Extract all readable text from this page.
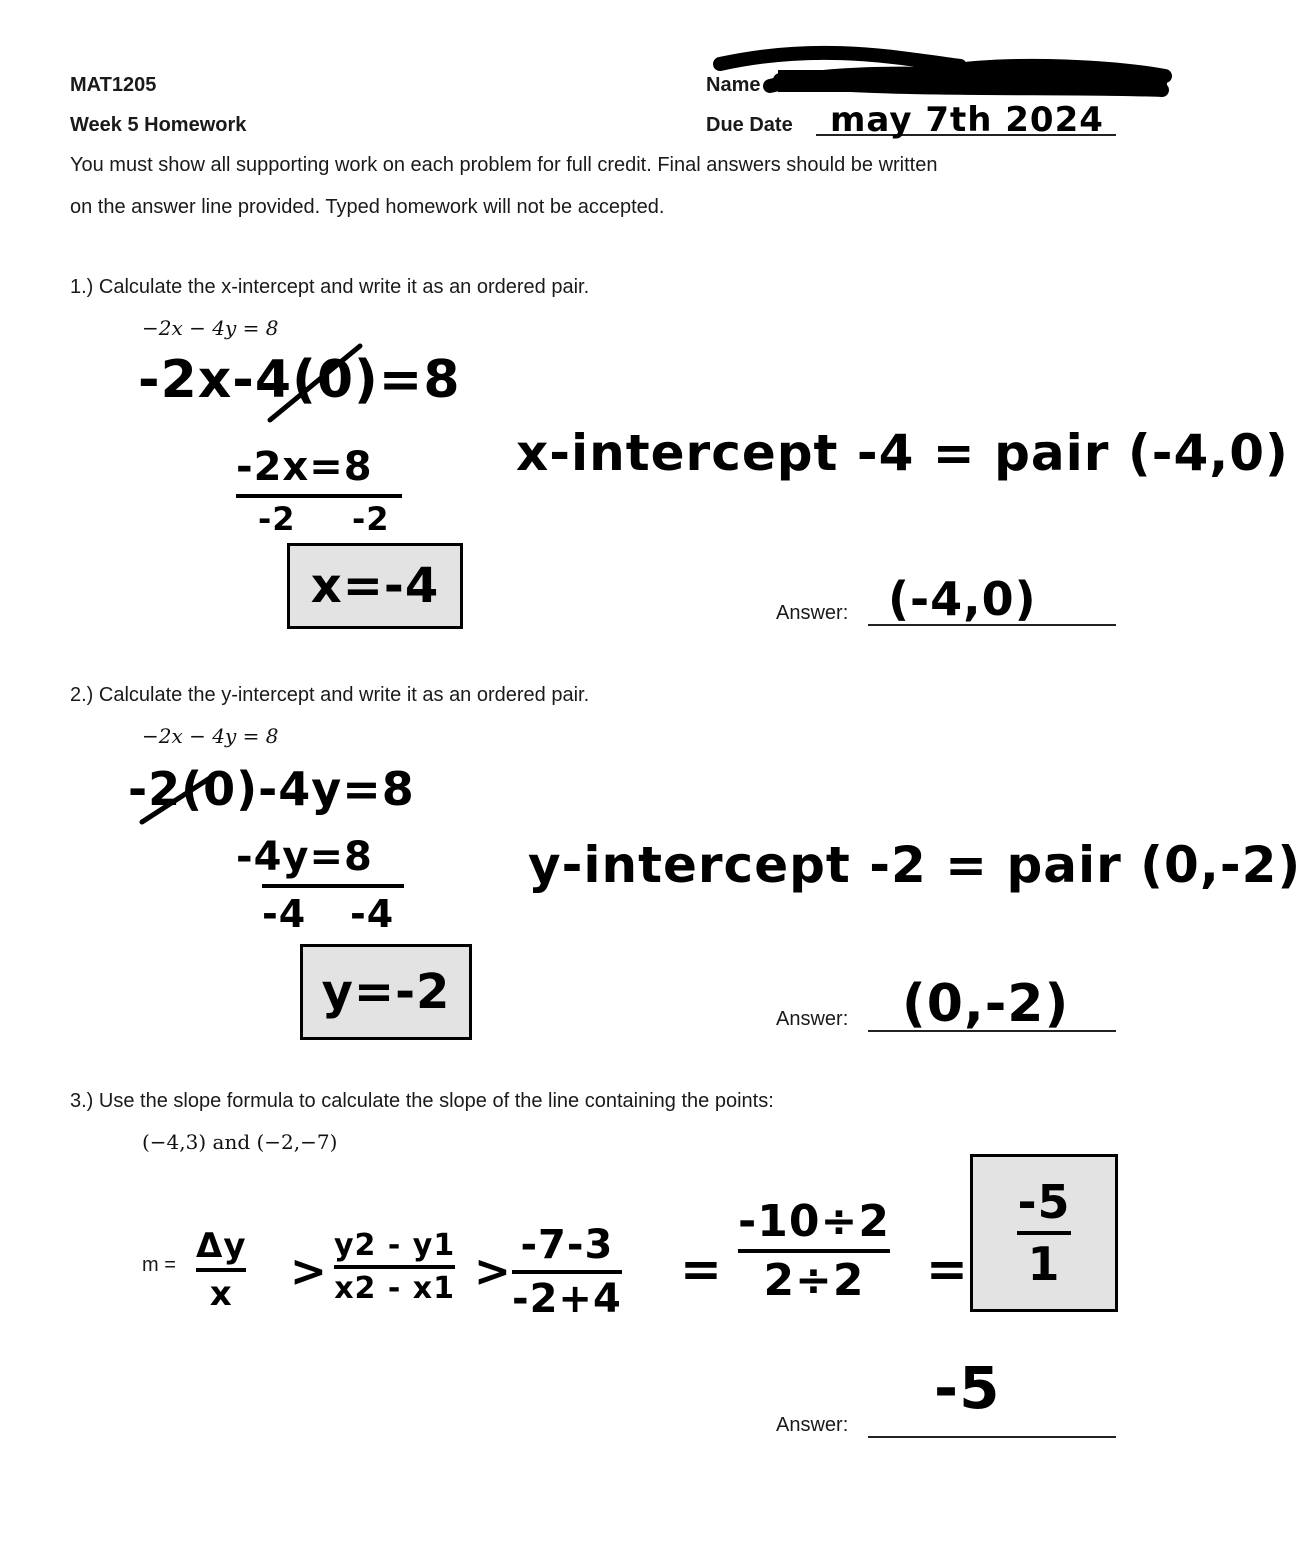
MAT1205
Week 5 Homework
Name
Due Date may 7th 2024
You must show all supporting work on each problem for full credit. Final answers should be written
on the answer line provided. Typed homework will not be accepted.
1.) Calculate the x-intercept and write it as an ordered pair.
−2x − 4y = 8
-2x-4(0)=8
-2x=8
-2 -2
x=-4
x-intercept -4 = pair (-4,0)
Answer: (-4,0)
2.) Calculate the y-intercept and write it as an ordered pair.
−2x − 4y = 8
-2(0)-4y=8
-4y=8
-4 -4
y=-2
y-intercept -2 = pair (0,-2)
Answer: (0,-2)
3.) Use the slope formula to calculate the slope of the line containing the points:
(−4,3) and (−2,−7)
m = Δy
x >
y2 - y1
x2 - x1 >
-7-3
-2+4
=
-10÷2
$2\div 2 = \frac{-5}{1}$
Answer:
-5
